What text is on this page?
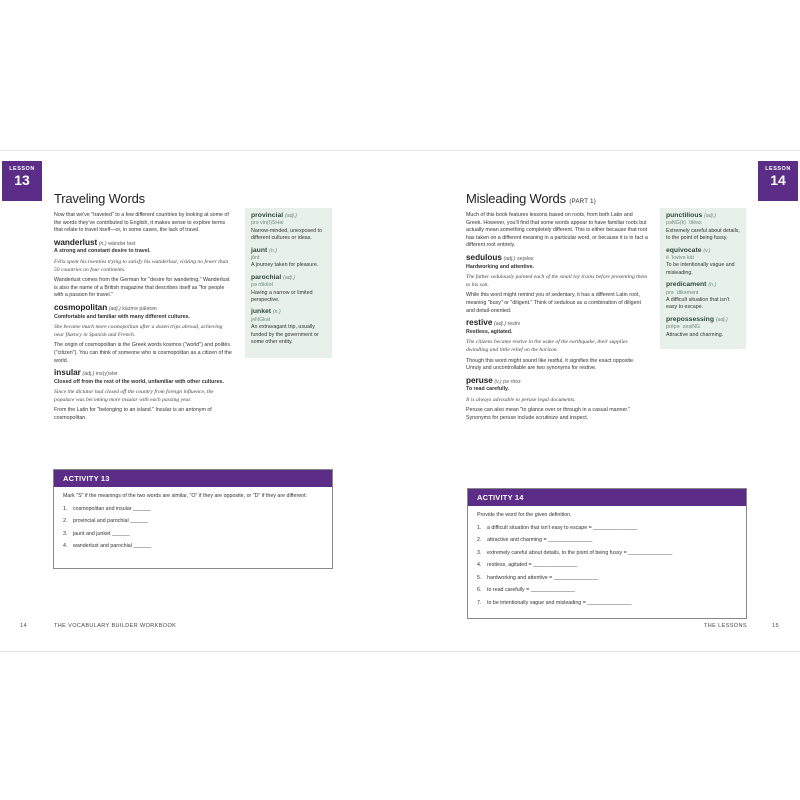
LESSON
13
Traveling Words

Now that we've "traveled" to a few different countries by looking at some of the words they've contributed to English, it makes sense to explore terms that relate to travel itself—or, in some cases, the lack of travel.

wanderlust (n.) wändər ləst

A strong and constant desire to travel.

Félix spent his twenties trying to satisfy his wanderlust, visiting no fewer than 50 countries on four continents.

Wanderlust comes from the German for "desire for wandering." Wanderlust is also the name of a British magazine that describes itself as "for people with a passion for travel."

cosmopolitan (adj.) käzmə pälətən

Comfortable and familiar with many different cultures.

She became much more cosmopolitan after a dozen trips abroad, achieving near fluency in Spanish and French.

The origin of cosmopolitan is the Greek words kosmos ("world") and politēs ("citizen"). You can think of someone who is cosmopolitan as a citizen of the world.

insular (adj.) ins(y)ələr

Closed off from the rest of the world, unfamiliar with other cultures.

Since the dictator had closed off the country from foreign influence, the populace was becoming more insular with each passing year.

From the Latin for "belonging to an island." Insular is an antonym of cosmopolitan.

provincial (adj.)
prə vin(t)SHəl
Narrow-minded, unexposed to different cultures or ideas.
jaunt (n.)
jônt
A journey taken for pleasure.
parochial (adj.)
pə rōkēəl
Having a narrow or limited perspective.
junket (n.)
jəNGkət
An extravagant trip, usually funded by the government or some other entity.
ACTIVITY 13
Mark "S" if the meanings of the two words are similar, "O" if they are opposite, or "D" if they are different:
1. cosmopolitan and insular ______
2. provincial and parochial ______
3. jaunt and junket ______
4. wanderlust and parochial ______
14	THE VOCABULARY BUILDER WORKBOOK
LESSON
14
Misleading Words (PART 1)

Much of this book features lessons based on roots, from both Latin and Greek. However, you'll find that some words appear to have familiar roots but actually mean something completely different. This is either because that root has taken on a different meaning in a particular word, or because it is in fact a different root entirely.

sedulous (adj.) sejələs

Hardworking and attentive.

The father sedulously painted each of the small toy trains before presenting them to his son.

While this word might remind you of sedentary, it has a different Latin root, meaning "busy" or "diligent." Think of sedulous as a combination of diligent and detail-oriented.

restive (adj.) restiv

Restless, agitated.

The citizens became restive in the wake of the earthquake, their supplies dwindling and little relief on the horizon.

Though this word might sound like restful, it signifies the exact opposite. Unruly and uncontrollable are two synonyms for restive.

peruse (v.) pə rōoz

To read carefully.

It is always advisable to peruse legal documents.

Peruse can also mean "to glance over or through in a casual manner." Synonyms for peruse include scrutinize and inspect.

punctilious (adj.)
pəNG(k) ˈtilēəs
Extremely careful about details, to the point of being fussy.
equivocate (v.)
ē ˈkwivə kāt
To be intentionally vague and misleading.
predicament (n.)
prə ˈdikəmənt
A difficult situation that isn't easy to escape.
prepossessing (adj.)
prēpə ˈzesiNG
Attractive and charming.
ACTIVITY 14
Provide the word for the given definition.
1. a difficult situation that isn't easy to escape = _______________
2. attractive and charming = _______________
3. extremely careful about details, to the point of being fussy = _______________
4. restless, agitated = _______________
5. hardworking and attentive = _______________
6. to read carefully = _______________
7. to be intentionally vague and misleading = _______________
THE LESSONS	15
